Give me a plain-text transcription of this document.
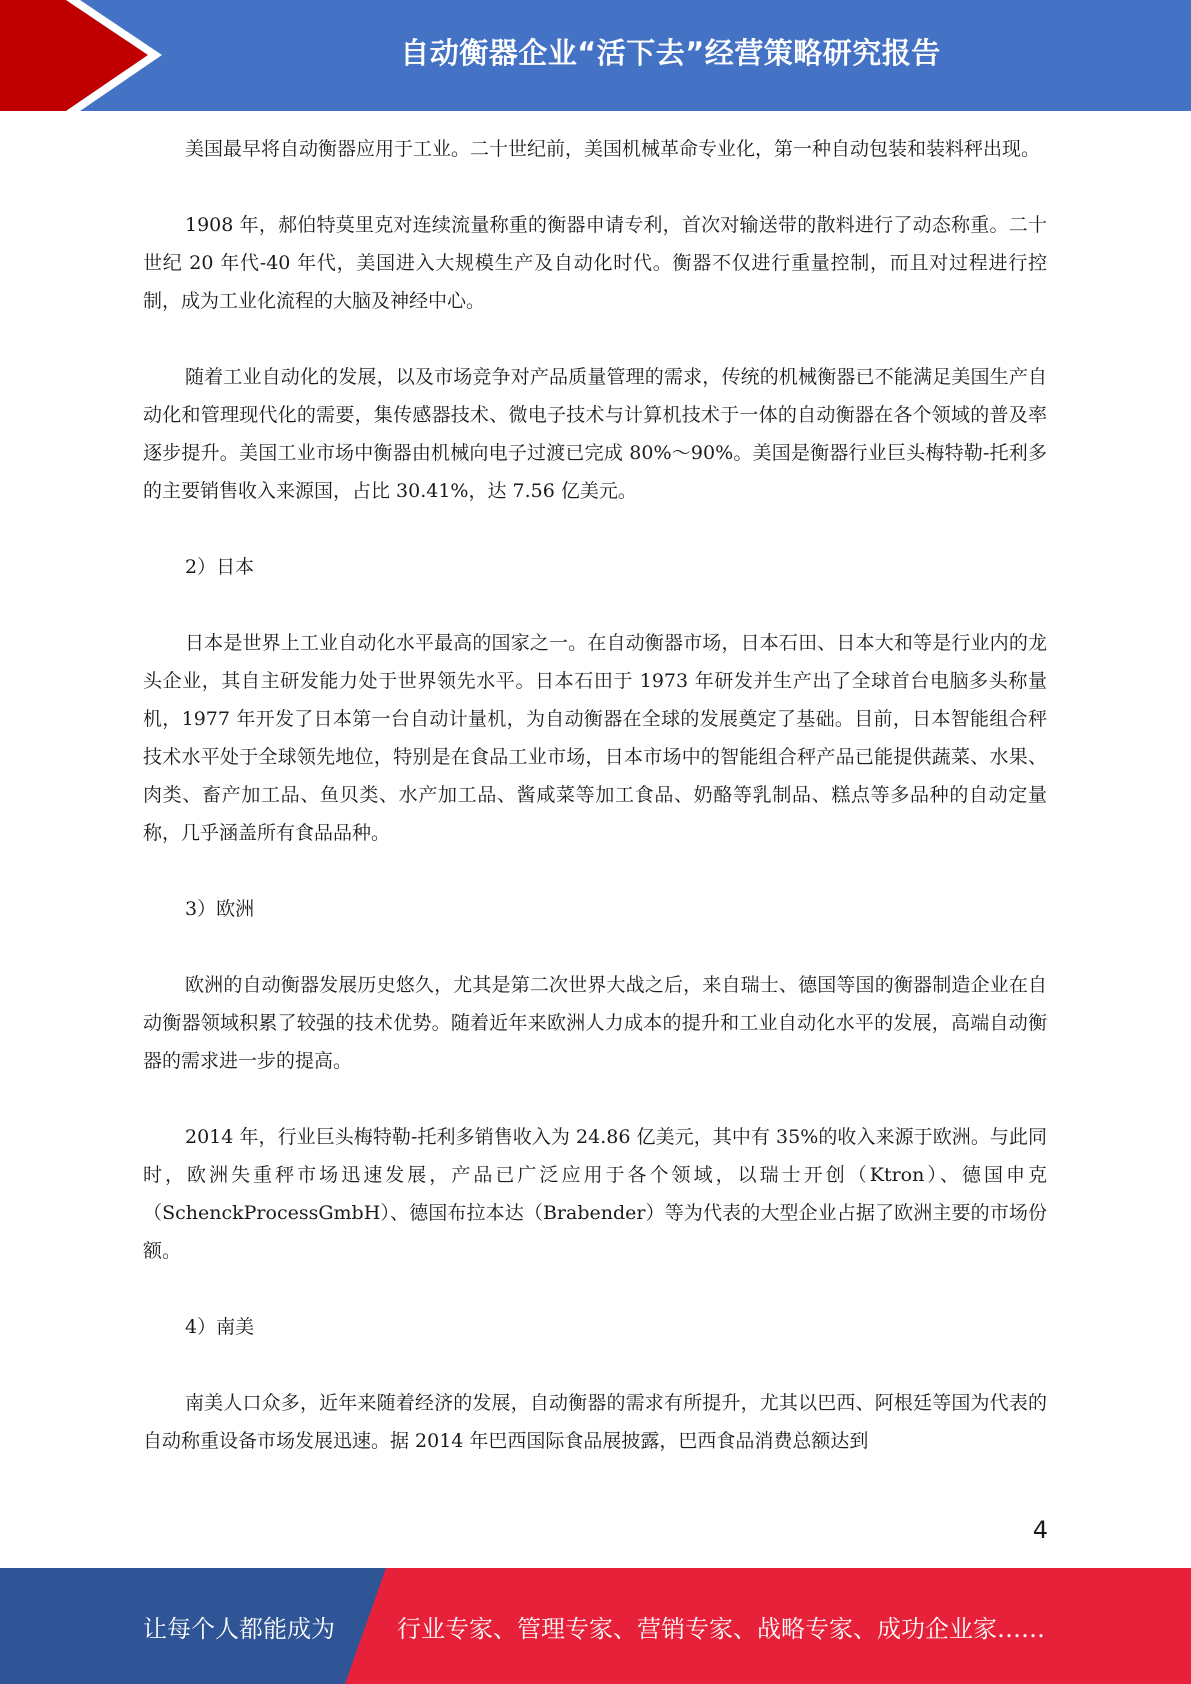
自动衡器企业“活下去”经营策略研究报告

美国最早将自动衡器应用于工业。二十世纪前，美国机械革命专业化，第一种自动包装和装料秤出现。

1908 年，郝伯特莫里克对连续流量称重的衡器申请专利，首次对输送带的散料进行了动态称重。二十世纪 20 年代-40 年代，美国进入大规模生产及自动化时代。衡器不仅进行重量控制，而且对过程进行控制，成为工业化流程的大脑及神经中心。

随着工业自动化的发展，以及市场竞争对产品质量管理的需求，传统的机械衡器已不能满足美国生产自动化和管理现代化的需要，集传感器技术、微电子技术与计算机技术于一体的自动衡器在各个领域的普及率逐步提升。美国工业市场中衡器由机械向电子过渡已完成 80%～90%。美国是衡器行业巨头梅特勒-托利多的主要销售收入来源国，占比 30.41%，达 7.56 亿美元。

2）日本

日本是世界上工业自动化水平最高的国家之一。在自动衡器市场，日本石田、日本大和等是行业内的龙头企业，其自主研发能力处于世界领先水平。日本石田于 1973 年研发并生产出了全球首台电脑多头称量机，1977 年开发了日本第一台自动计量机，为自动衡器在全球的发展奠定了基础。目前，日本智能组合秤技术水平处于全球领先地位，特别是在食品工业市场，日本市场中的智能组合秤产品已能提供蔬菜、水果、肉类、畜产加工品、鱼贝类、水产加工品、酱咸菜等加工食品、奶酪等乳制品、糕点等多品种的自动定量称，几乎涵盖所有食品品种。

3）欧洲

欧洲的自动衡器发展历史悠久，尤其是第二次世界大战之后，来自瑞士、德国等国的衡器制造企业在自动衡器领域积累了较强的技术优势。随着近年来欧洲人力成本的提升和工业自动化水平的发展，高端自动衡器的需求进一步的提高。

2014 年，行业巨头梅特勒-托利多销售收入为 24.86 亿美元，其中有 35%的收入来源于欧洲。与此同时，欧洲失重秤市场迅速发展，产品已广泛应用于各个领域，以瑞士开创（Ktron）、德国申克（SchenckProcessGmbH）、德国布拉本达（Brabender）等为代表的大型企业占据了欧洲主要的市场份额。

4）南美

南美人口众多，近年来随着经济的发展，自动衡器的需求有所提升，尤其以巴西、阿根廷等国为代表的自动称重设备市场发展迅速。据 2014 年巴西国际食品展披露，巴西食品消费总额达到

4
让每个人都能成为	行业专家、管理专家、营销专家、战略专家、成功企业家……
